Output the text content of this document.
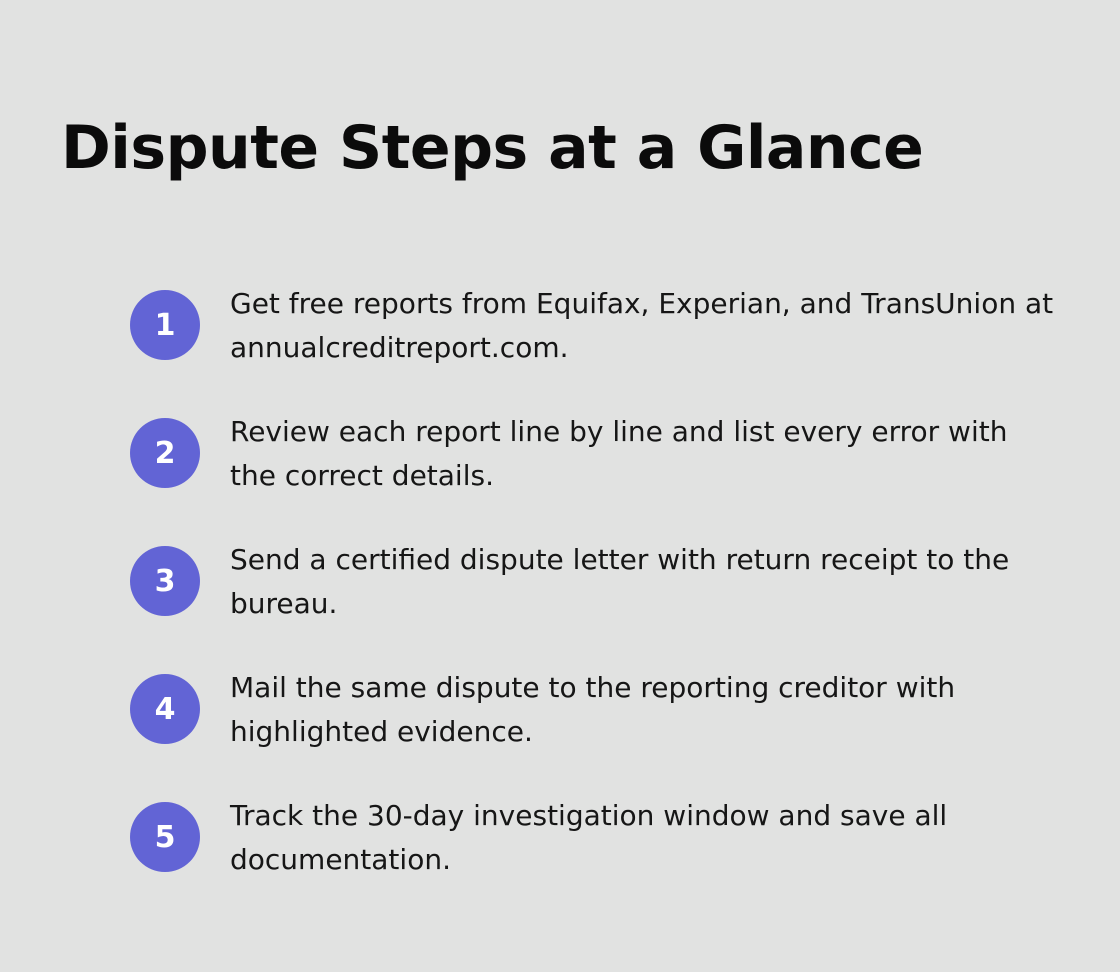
Dispute Steps at a Glance
1

Get free reports from Equifax, Experian, and TransUnion at annualcreditreport.com.

2

Review each report line by line and list every error with the correct details.

3

Send a certified dispute letter with return receipt to the bureau.

4

Mail the same dispute to the reporting creditor with highlighted evidence.

5

Track the 30-day investigation window and save all documentation.
